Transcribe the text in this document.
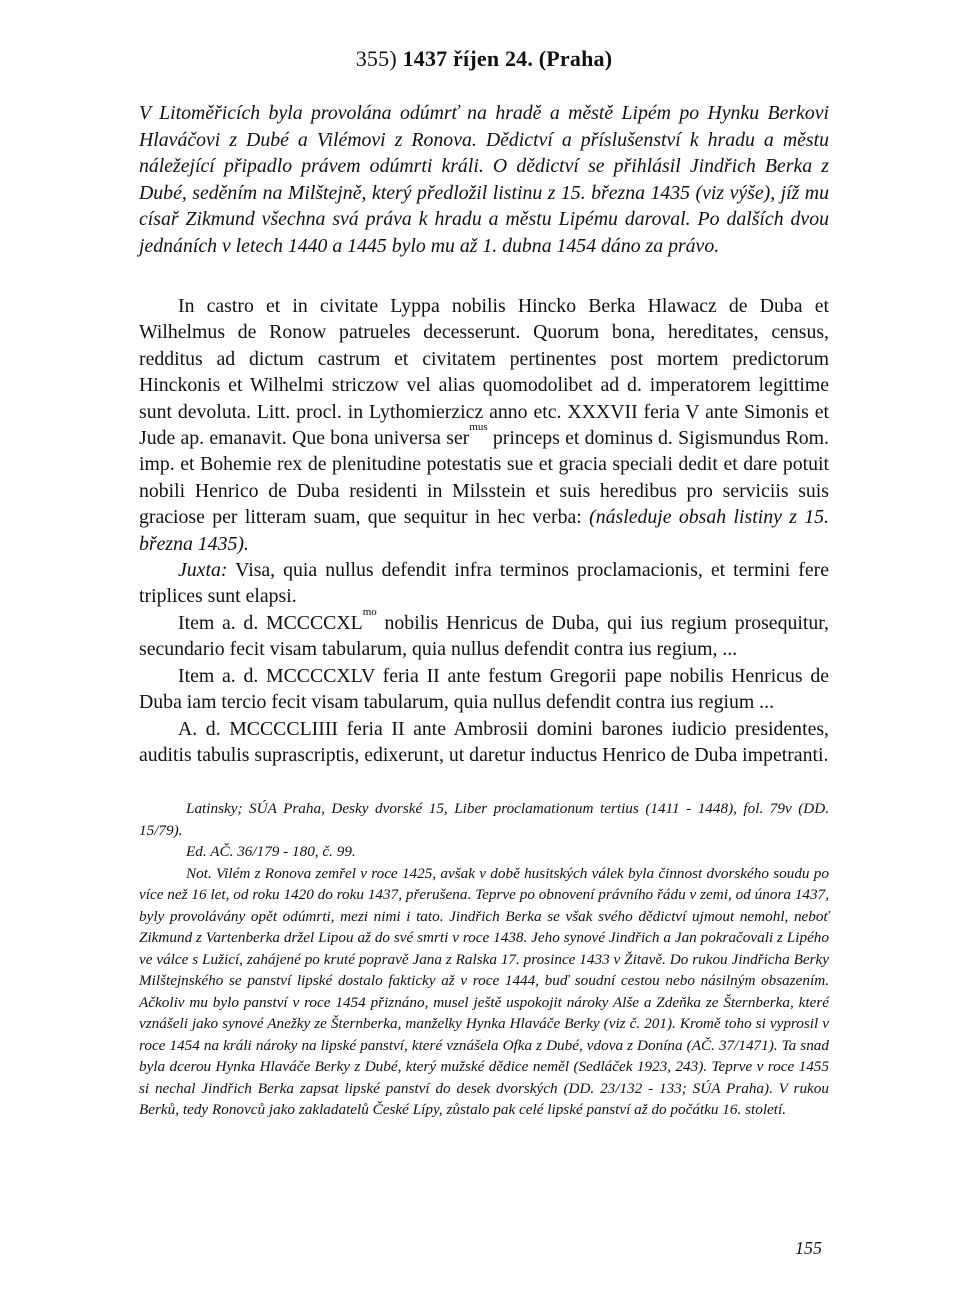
355) 1437 říjen 24. (Praha)

V Litoměřicích byla provolána odúmrť na hradě a městě Lipém po Hynku Berkovi Hlaváčovi z Dubé a Vilémovi z Ronova. Dědictví a příslušenství k hradu a městu náležející připadlo právem odúmrti králi. O dědictví se přihlásil Jindřich Berka z Dubé, seděním na Milštejně, který předložil listinu z 15. března 1435 (viz výše), jíž mu císař Zikmund všechna svá práva k hradu a městu Lipému daroval. Po dalších dvou jednáních v letech 1440 a 1445 bylo mu až 1. dubna 1454 dáno za právo.

In castro et in civitate Lyppa nobilis Hincko Berka Hlawacz de Duba et Wilhelmus de Ronow patrueles decesserunt. Quorum bona, hereditates, census, redditus ad dictum castrum et civitatem pertinentes post mortem predictorum Hinckonis et Wilhelmi striczow vel alias quomodolibet ad d. imperatorem legittime sunt devoluta. Litt. procl. in Lythomierzicz anno etc. XXXVII feria V ante Simonis et Jude ap. emanavit. Que bona universa ser$^{mus}$ princeps et dominus d. Sigismundus Rom. imp. et Bohemie rex de plenitudine potestatis sue et gracia speciali dedit et dare potuit nobili Henrico de Duba residenti in Milsstein et suis heredibus pro serviciis suis graciose per litteram suam, que sequitur in hec verba: (následuje obsah listiny z 15. března 1435).

Juxta: Visa, quia nullus defendit infra terminos proclamacionis, et termini fere triplices sunt elapsi.

Item a. d. $MCCCCXL^{mo}$ nobilis Henricus de Duba, qui ius regium prosequitur, secundario fecit visam tabularum, quia nullus defendit contra ius regium, ...

Item a. d. MCCCCXLV feria II ante festum Gregorii pape nobilis Henricus de Duba iam tercio fecit visam tabularum, quia nullus defendit contra ius regium ...

A. d. MCCCCLIIII feria II ante Ambrosii domini barones iudicio presidentes, auditis tabulis suprascriptis, edixerunt, ut daretur inductus Henrico de Duba impetranti.

Latinsky; SÚA Praha, Desky dvorské 15, Liber proclamationum tertius (1411 - 1448), fol. 79v (DD. 15/79).

Ed. AČ. 36/179 - 180, č. 99.

Not. Vilém z Ronova zemřel v roce 1425, avšak v době husitských válek byla činnost dvorského soudu po více než 16 let, od roku 1420 do roku 1437, přerušena. Teprve po obnovení právního řádu v zemi, od února 1437, byly provolávány opět odúmrti, mezi nimi i tato. Jindřich Berka se však svého dědictví ujmout nemohl, neboť Zikmund z Vartenberka držel Lipou až do své smrti v roce 1438. Jeho synové Jindřich a Jan pokračovali z Lipého ve válce s Lužicí, zahájené po kruté popravě Jana z Ralska 17. prosince 1433 v Žitavě. Do rukou Jindřicha Berky Milštejnského se panství lipské dostalo fakticky až v roce 1444, buď soudní cestou nebo násilným obsazením. Ačkoliv mu bylo panství v roce 1454 přiznáno, musel ještě uspokojit nároky Alše a Zdeňka ze Šternberka, které vznášeli jako synové Anežky ze Šternberka, manželky Hynka Hlaváče Berky (viz č. 201). Kromě toho si vyprosil v roce 1454 na králi nároky na lipské panství, které vznášela Ofka z Dubé, vdova z Donína (AČ. 37/1471). Ta snad byla dcerou Hynka Hlaváče Berky z Dubé, který mužské dědice neměl (Sedláček 1923, 243). Teprve v roce 1455 si nechal Jindřich Berka zapsat lipské panství do desek dvorských (DD. 23/132 - 133; SÚA Praha). V rukou Berků, tedy Ronovců jako zakladatelů České Lípy, zůstalo pak celé lipské panství až do počátku 16. století.

155
